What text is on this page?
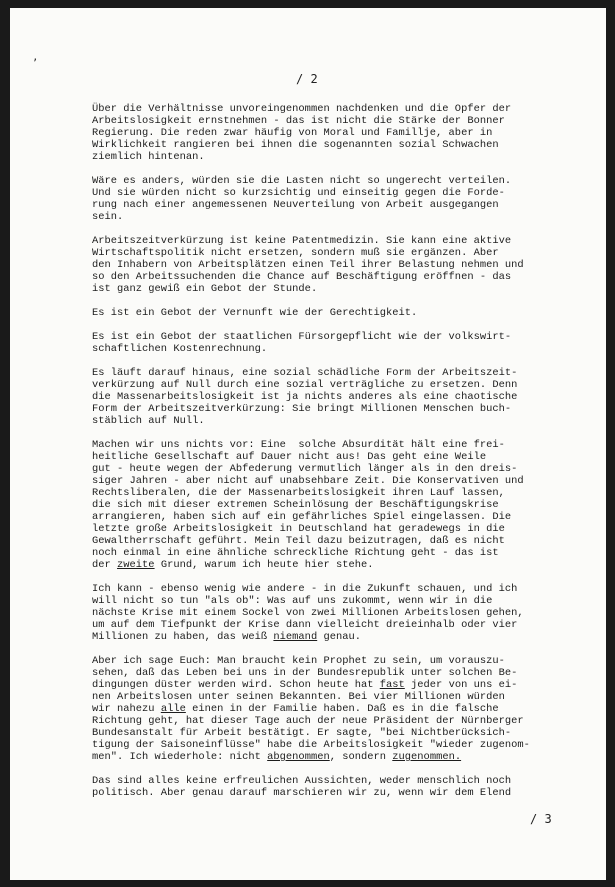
’
/ 2

Über die Verhältnisse unvoreingenommen nachdenken und die Opfer der
Arbeitslosigkeit ernstnehmen - das ist nicht die Stärke der Bonner
Regierung. Die reden zwar häufig von Moral und Famillje, aber in
Wirklichkeit rangieren bei ihnen die sogenannten sozial Schwachen
ziemlich hintenan.

Wäre es anders, würden sie die Lasten nicht so ungerecht verteilen.
Und sie würden nicht so kurzsichtig und einseitig gegen die Forde-
rung nach einer angemessenen Neuverteilung von Arbeit ausgegangen
sein.

Arbeitszeitverkürzung ist keine Patentmedizin. Sie kann eine aktive
Wirtschaftspolitik nicht ersetzen, sondern muß sie ergänzen. Aber
den Inhabern von Arbeitsplätzen einen Teil ihrer Belastung nehmen und
so den Arbeitssuchenden die Chance auf Beschäftigung eröffnen - das
ist ganz gewiß ein Gebot der Stunde.

Es ist ein Gebot der Vernunft wie der Gerechtigkeit.

Es ist ein Gebot der staatlichen Fürsorgepflicht wie der volkswirt-
schaftlichen Kostenrechnung.

Es läuft darauf hinaus, eine sozial schädliche Form der Arbeitszeit-
verkürzung auf Null durch eine sozial verträgliche zu ersetzen. Denn
die Massenarbeitslosigkeit ist ja nichts anderes als eine chaotische
Form der Arbeitszeitverkürzung: Sie bringt Millionen Menschen buch-
stäblich auf Null.

Machen wir uns nichts vor: Eine  solche Absurdität hält eine frei-
heitliche Gesellschaft auf Dauer nicht aus! Das geht eine Weile
gut - heute wegen der Abfederung vermutlich länger als in den dreis-
siger Jahren - aber nicht auf unabsehbare Zeit. Die Konservativen und
Rechtsliberalen, die der Massenarbeitslosigkeit ihren Lauf lassen,
die sich mit dieser extremen Scheinlösung der Beschäftigungskrise
arrangieren, haben sich auf ein gefährliches Spiel eingelassen. Die
letzte große Arbeitslosigkeit in Deutschland hat geradewegs in die
Gewaltherrschaft geführt. Mein Teil dazu beizutragen, daß es nicht
noch einmal in eine ähnliche schreckliche Richtung geht - das ist
der zweite Grund, warum ich heute hier stehe.

Ich kann - ebenso wenig wie andere - in die Zukunft schauen, und ich
will nicht so tun "als ob": Was auf uns zukommt, wenn wir in die
nächste Krise mit einem Sockel von zwei Millionen Arbeitslosen gehen,
um auf dem Tiefpunkt der Krise dann vielleicht dreieinhalb oder vier
Millionen zu haben, das weiß niemand genau.

Aber ich sage Euch: Man braucht kein Prophet zu sein, um vorauszu-
sehen, daß das Leben bei uns in der Bundesrepublik unter solchen Be-
dingungen düster werden wird. Schon heute hat fast jeder von uns ei-
nen Arbeitslosen unter seinen Bekannten. Bei vier Millionen würden
wir nahezu alle einen in der Familie haben. Daß es in die falsche
Richtung geht, hat dieser Tage auch der neue Präsident der Nürnberger
Bundesanstalt für Arbeit bestätigt. Er sagte, "bei Nichtberücksich-
tigung der Saisoneinflüsse" habe die Arbeitslosigkeit "wieder zugenom-
men". Ich wiederhole: nicht abgenommen, sondern zugenommen.

Das sind alles keine erfreulichen Aussichten, weder menschlich noch
politisch. Aber genau darauf marschieren wir zu, wenn wir dem Elend

/ 3
